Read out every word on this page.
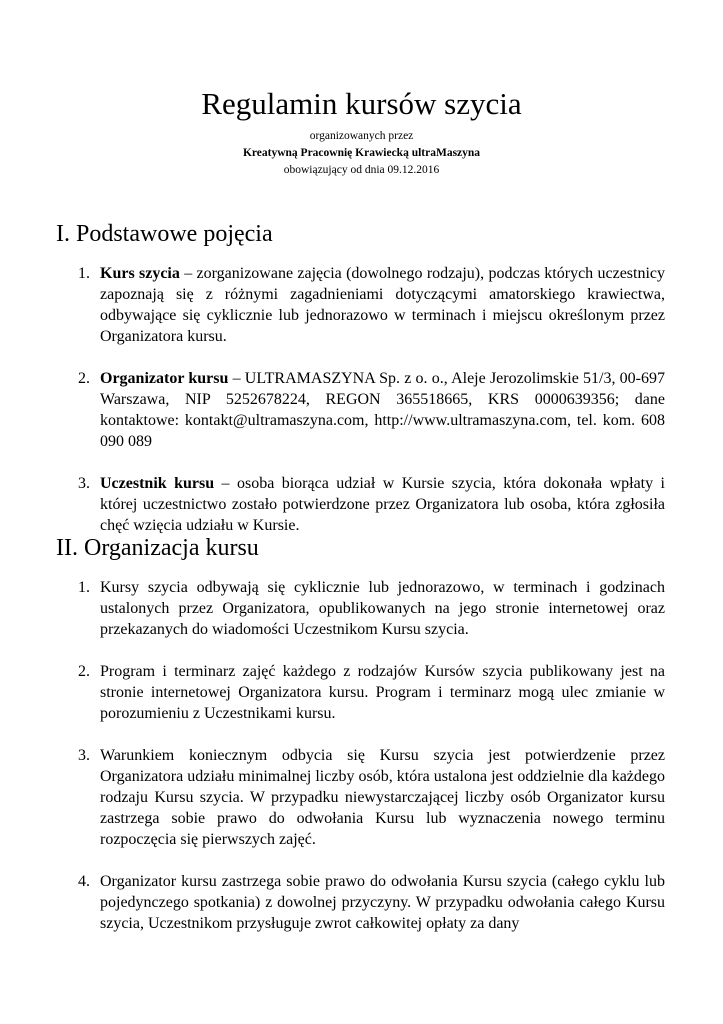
Regulamin kursów szycia
organizowanych przez
Kreatywną Pracownię Krawiecką ultraMaszyna
obowiązujący od dnia 09.12.2016
I. Podstawowe pojęcia
1. Kurs szycia – zorganizowane zajęcia (dowolnego rodzaju), podczas których uczestnicy zapoznają się z różnymi zagadnieniami dotyczącymi amatorskiego krawiectwa, odbywające się cyklicznie lub jednorazowo w terminach i miejscu określonym przez Organizatora kursu.
2. Organizator kursu – ULTRAMASZYNA Sp. z o. o., Aleje Jerozolimskie 51/3, 00-697 Warszawa, NIP 5252678224, REGON 365518665, KRS 0000639356; dane kontaktowe: kontakt@ultramaszyna.com, http://www.ultramaszyna.com, tel. kom. 608 090 089
3. Uczestnik kursu – osoba biorąca udział w Kursie szycia, która dokonała wpłaty i której uczestnictwo zostało potwierdzone przez Organizatora lub osoba, która zgłosiła chęć wzięcia udziału w Kursie.
II. Organizacja kursu
1. Kursy szycia odbywają się cyklicznie lub jednorazowo, w terminach i godzinach ustalonych przez Organizatora, opublikowanych na jego stronie internetowej oraz przekazanych do wiadomości Uczestnikom Kursu szycia.
2. Program i terminarz zajęć każdego z rodzajów Kursów szycia publikowany jest na stronie internetowej Organizatora kursu. Program i terminarz mogą ulec zmianie w porozumieniu z Uczestnikami kursu.
3. Warunkiem koniecznym odbycia się Kursu szycia jest potwierdzenie przez Organizatora udziału minimalnej liczby osób, która ustalona jest oddzielnie dla każdego rodzaju Kursu szycia. W przypadku niewystarczającej liczby osób Organizator kursu zastrzega sobie prawo do odwołania Kursu lub wyznaczenia nowego terminu rozpoczęcia się pierwszych zajęć.
4. Organizator kursu zastrzega sobie prawo do odwołania Kursu szycia (całego cyklu lub pojedynczego spotkania) z dowolnej przyczyny. W przypadku odwołania całego Kursu szycia, Uczestnikom przysługuje zwrot całkowitej opłaty za dany
